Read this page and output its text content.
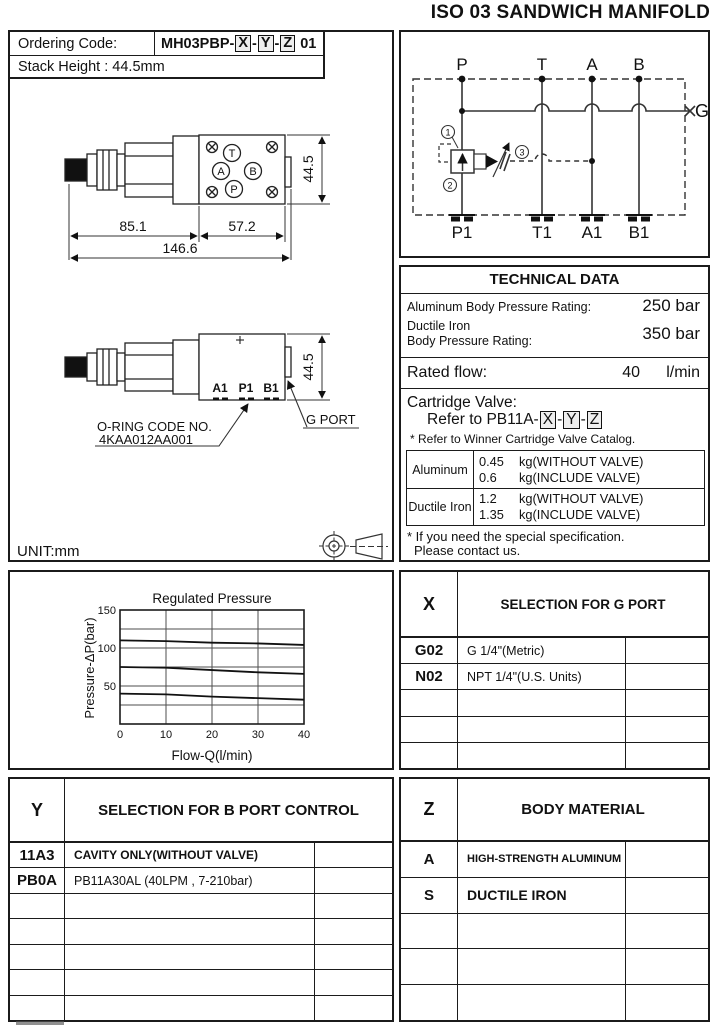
ISO 03 SANDWICH MANIFOLD
T
A B
P
85.1	57.2
146.6
44.5
A1 P1 B1
44.5
O-RING CODE NO.
4KAA012AA001
G PORT
UNIT:mm
Ordering Code:	MH03PBP- X - Y - Z 01
Stack Height : 44.5mm
1
2
3
P	T A B
P1	T1 A1 B1
G
TECHNICAL DATA
Aluminum Body Pressure Rating:	250 bar
Ductile Iron
Body Pressure Rating:	350 bar
Rated flow:	40 l/min
Cartridge Valve:
Refer to PB11A- X - Y - Z
* Refer to Winner Cartridge Valve Catalog.
Aluminum
0.45	kg(WITHOUT VALVE)
0.6	kg(INCLUDE VALVE)
Ductile Iron
1.2	kg(WITHOUT VALVE)
1.35	kg(INCLUDE VALVE)
* If you need the special specification.
Please contact us.
Regulated Pressure
Flow-Q(l/min)
Pressure-ΔP(bar) 50
100
150
0	10	20	30	40
X	SELECTION FOR G PORT
G02	G 1/4"(Metric)
N02	NPT 1/4"(U.S. Units)
Y	SELECTION FOR B PORT CONTROL
11A3	CAVITY ONLY(WITHOUT VALVE)
PB0A	PB11A30AL (40LPM , 7-210bar)
Z	BODY MATERIAL
A	HIGH-STRENGTH ALUMINUM
S	DUCTILE IRON
